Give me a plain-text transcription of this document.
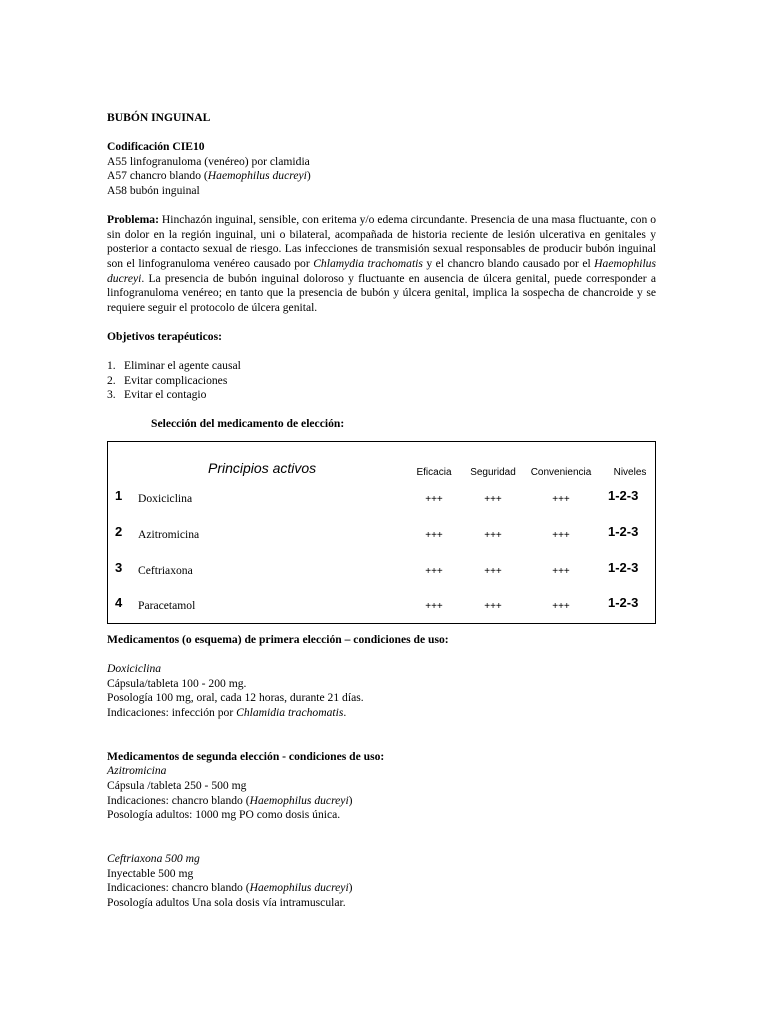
BUBÓN INGUINAL

Codificación CIE10

A55 linfogranuloma (venéreo) por clamidia

A57 chancro blando (Haemophilus ducreyi)

A58 bubón inguinal

Problema: Hinchazón inguinal, sensible, con eritema y/o edema circundante. Presencia de una masa fluctuante, con o sin dolor en la región inguinal, uni o bilateral, acompañada de historia reciente de lesión ulcerativa en genitales y posterior a contacto sexual de riesgo. Las infecciones de transmisión sexual responsables de producir bubón inguinal son el linfogranuloma venéreo causado por Chlamydia trachomatis y el chancro blando causado por el Haemophilus ducreyi. La presencia de bubón inguinal doloroso y fluctuante en ausencia de úlcera genital, puede corresponder a linfogranuloma venéreo; en tanto que la presencia de bubón y úlcera genital, implica la sospecha de chancroide y se requiere seguir el protocolo de úlcera genital.

Objetivos terapéuticos:

1. Eliminar el agente causal
2. Evitar complicaciones
3. Evitar el contagio

Selección del medicamento de elección:

Principios activos	Eficacia Seguridad	Conveniencia	Niveles
1 Doxiciclina	+++	+++	+++	1-2-3
2 Azitromicina	+++	+++	+++	1-2-3
3 Ceftriaxona	+++	+++	+++	1-2-3
4 Paracetamol	+++	+++	+++	1-2-3

Medicamentos (o esquema) de primera elección – condiciones de uso:

Doxiciclina

Cápsula/tableta 100 - 200 mg.

Posología 100 mg, oral, cada 12 horas, durante 21 días.

Indicaciones: infección por Chlamidia trachomatis.

Medicamentos de segunda elección - condiciones de uso:

Azitromicina

Cápsula /tableta 250 - 500 mg

Indicaciones: chancro blando (Haemophilus ducreyi)

Posología adultos: 1000 mg PO como dosis única.

Ceftriaxona 500 mg

Inyectable 500 mg

Indicaciones: chancro blando (Haemophilus ducreyi)

Posología adultos Una sola dosis vía intramuscular.
